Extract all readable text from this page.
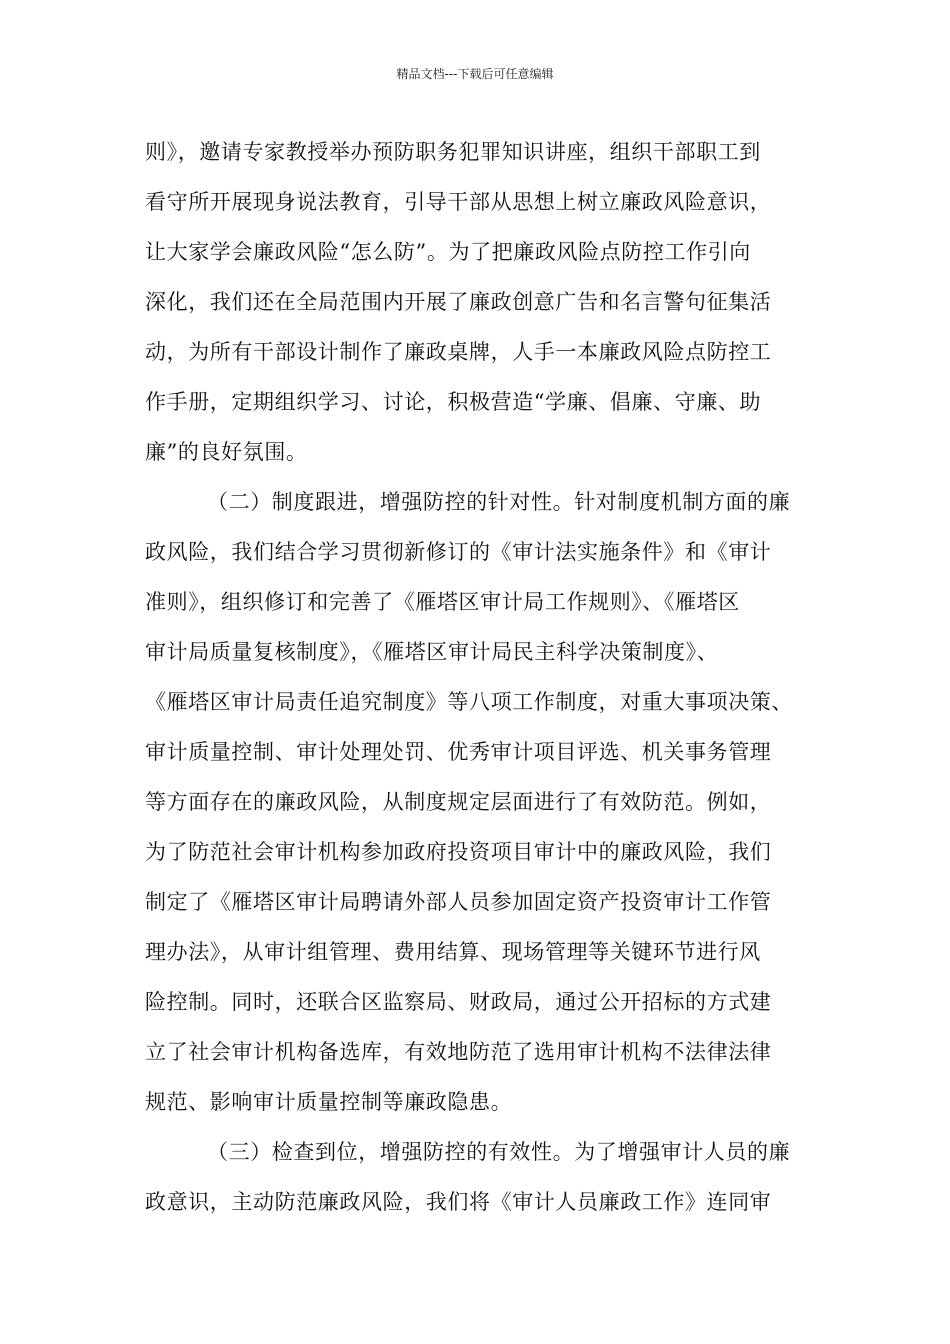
精品文档---下载后可任意编辑
则》，邀请专家教授举办预防职务犯罪知识讲座，组织干部职工到
看守所开展现身说法教育，引导干部从思想上树立廉政风险意识，
让大家学会廉政风险“怎么防”。为了把廉政风险点防控工作引向
深化，我们还在全局范围内开展了廉政创意广告和名言警句征集活
动，为所有干部设计制作了廉政桌牌，人手一本廉政风险点防控工
作手册，定期组织学习、讨论，积极营造“学廉、倡廉、守廉、助
廉”的良好氛围。
（二）制度跟进，增强防控的针对性。针对制度机制方面的廉
政风险，我们结合学习贯彻新修订的《审计法实施条件》和《审计
准则》，组织修订和完善了《雁塔区审计局工作规则》、《雁塔区
审计局质量复核制度》，《雁塔区审计局民主科学决策制度》、
《雁塔区审计局责任追究制度》等八项工作制度，对重大事项决策、
审计质量控制、审计处理处罚、优秀审计项目评选、机关事务管理
等方面存在的廉政风险，从制度规定层面进行了有效防范。例如，
为了防范社会审计机构参加政府投资项目审计中的廉政风险，我们
制定了《雁塔区审计局聘请外部人员参加固定资产投资审计工作管
理办法》，从审计组管理、费用结算、现场管理等关键环节进行风
险控制。同时，还联合区监察局、财政局，通过公开招标的方式建
立了社会审计机构备选库，有效地防范了选用审计机构不法律法律
规范、影响审计质量控制等廉政隐患。
（三）检查到位，增强防控的有效性。为了增强审计人员的廉
政意识，主动防范廉政风险，我们将《审计人员廉政工作》连同审
